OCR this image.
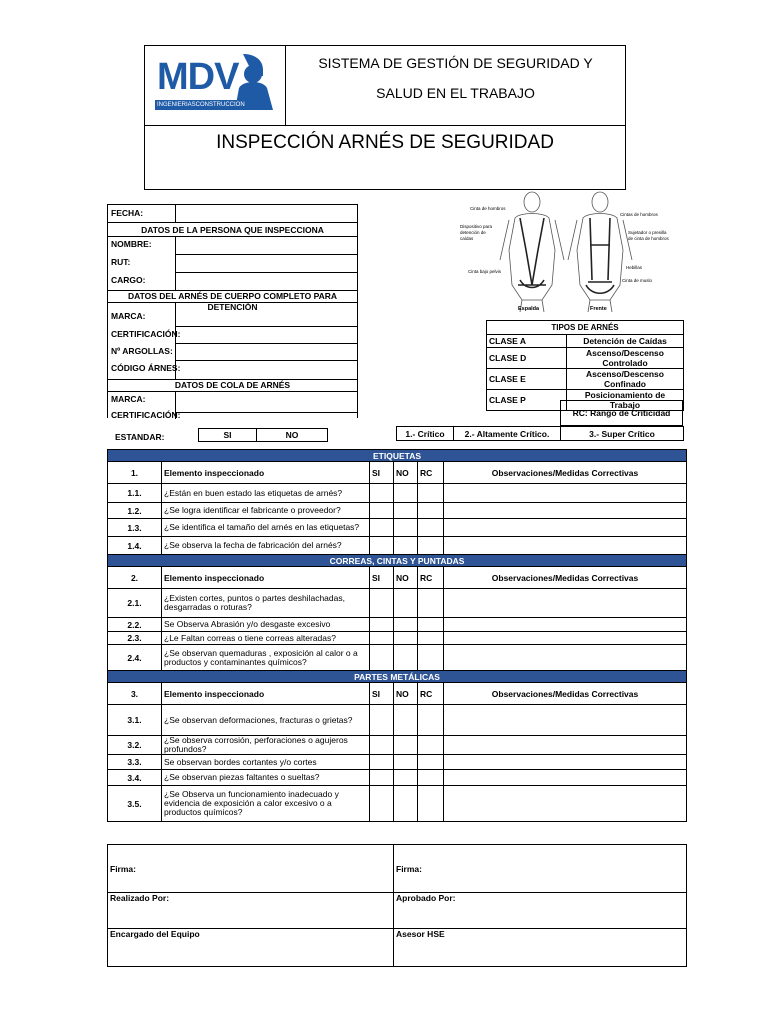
MDV
INGENIERIASCONSTRUCCION
SISTEMA DE GESTIÓN DE SEGURIDAD Y
SALUD EN EL TRABAJO
INSPECCIÓN ARNÉS DE SEGURIDAD
FECHA:
DATOS DE LA PERSONA QUE INSPECCIONA
NOMBRE:
RUT:
CARGO:
DATOS DEL ARNÉS DE CUERPO COMPLETO PARA DETENCIÓN
MARCA:
CERTIFICACIÓN:
Nº ARGOLLAS:
CÓDIGO ÁRNES:
DATOS DE COLA DE ARNÉS
MARCA:
CERTIFICACIÓN:
ESTANDAR:	SI	NO
Cinta de hombros
Dispositivo para detención de caídas
Cinta bajo pelvis
Espalda
Cintas de hombros
Sujetador o presilla de cinta de hombros
Hebillas
Cinta de muslo
Frente
TIPOS DE ARNÉS	
CLASE A	Detención de Caídas
CLASE D	Ascenso/Descenso Controlado
CLASE E	Ascenso/Descenso Confinado
CLASE P	Posicionamiento de Trabajo
RC: Rango de Criticidad
1.- Crítico	2.- Altamente Crítico.	3.- Super Crítico
ETIQUETAS					
1.	Elemento inspeccionado	SI	NO	RC	Observaciones/Medidas Correctivas
1.1.	¿Están en buen estado las etiquetas de arnés?				
1.2.	¿Se logra identificar el fabricante o proveedor?				
1.3.	¿Se identifica el tamaño del arnés en las etiquetas?				
1.4.	¿Se observa la fecha de fabricación del arnés?				
CORREAS, CINTAS Y PUNTADAS					
2.	Elemento inspeccionado	SI	NO	RC	Observaciones/Medidas Correctivas
2.1.	¿Existen cortes, puntos o partes deshilachadas, desgarradas o roturas?				
2.2.	Se Observa Abrasión y/o desgaste excesivo				
2.3.	¿Le Faltan correas o tiene correas alteradas?				
2.4.	¿Se observan quemaduras , exposición al calor o a productos y contaminantes químicos?				
PARTES METÁLICAS					
3.	Elemento inspeccionado	SI	NO	RC	Observaciones/Medidas Correctivas
3.1.	¿Se observan deformaciones, fracturas o grietas?				
3.2.	¿Se observa corrosión, perforaciones o agujeros profundos?				
3.3.	Se observan bordes cortantes y/o cortes				
3.4.	¿Se observan piezas faltantes o sueltas?				
3.5.	¿Se Observa un funcionamiento inadecuado y evidencia de exposición a calor excesivo o a productos químicos?				
Firma:	Firma:
Realizado Por:	Aprobado Por:
Encargado del Equipo	Asesor HSE
